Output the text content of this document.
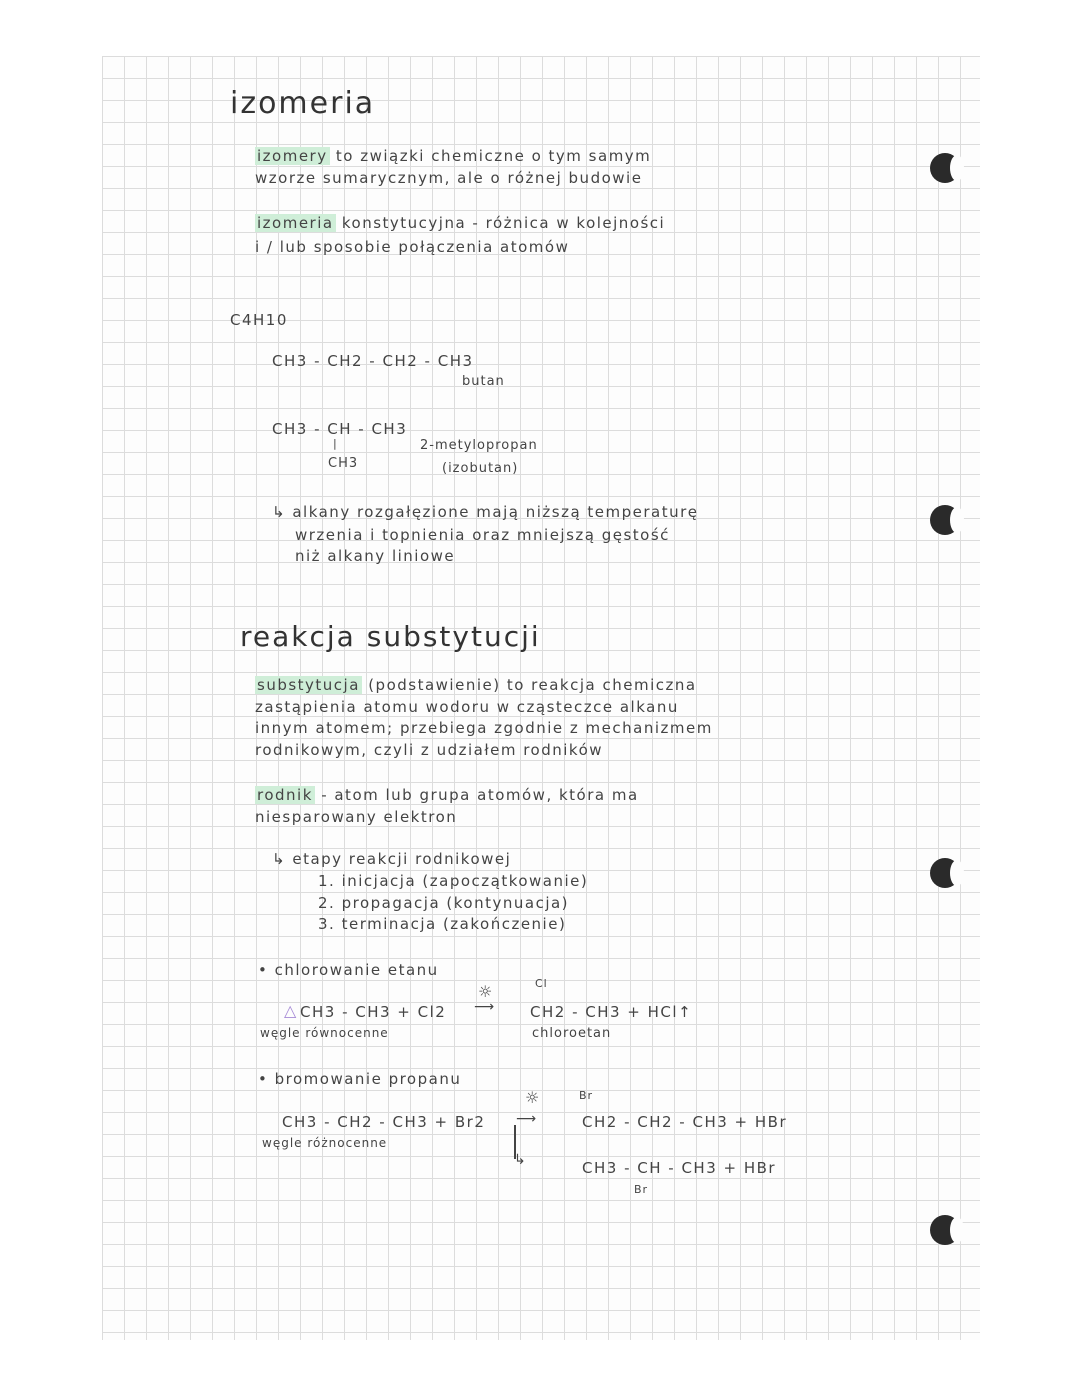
izomeria
izomery to związki chemiczne o tym samym
wzorze sumarycznym, ale o różnej budowie
izomeria konstytucyjna - różnica w kolejności
i / lub sposobie połączenia atomów
C4H10
CH3 - CH2 - CH2 - CH3
butan
CH3 - CH - CH3
|
CH3
2-metylopropan
(izobutan)
↳ alkany rozgałęzione mają niższą temperaturę
wrzenia i topnienia oraz mniejszą gęstość
niż alkany liniowe
reakcja substytucji
substytucja (podstawienie) to reakcja chemiczna
zastąpienia atomu wodoru w cząsteczce alkanu
innym atomem; przebiega zgodnie z mechanizmem
rodnikowym, czyli z udziałem rodników
rodnik - atom lub grupa atomów, która ma
niesparowany elektron
↳ etapy reakcji rodnikowej
1. inicjacja (zapoczątkowanie)
2. propagacja (kontynuacja)
3. terminacja (zakończenie)
• chlorowanie etanu
△ CH3 - CH3 + Cl2
węgle równocenne
☼
⟶
Cl
CH2 - CH3 + HCl↑
chloroetan
• bromowanie propanu
CH3 - CH2 - CH3 + Br2
węgle różnocenne
☼
⟶
↳
Br
CH2 - CH2 - CH3 + HBr
CH3 - CH - CH3 + HBr
Br
